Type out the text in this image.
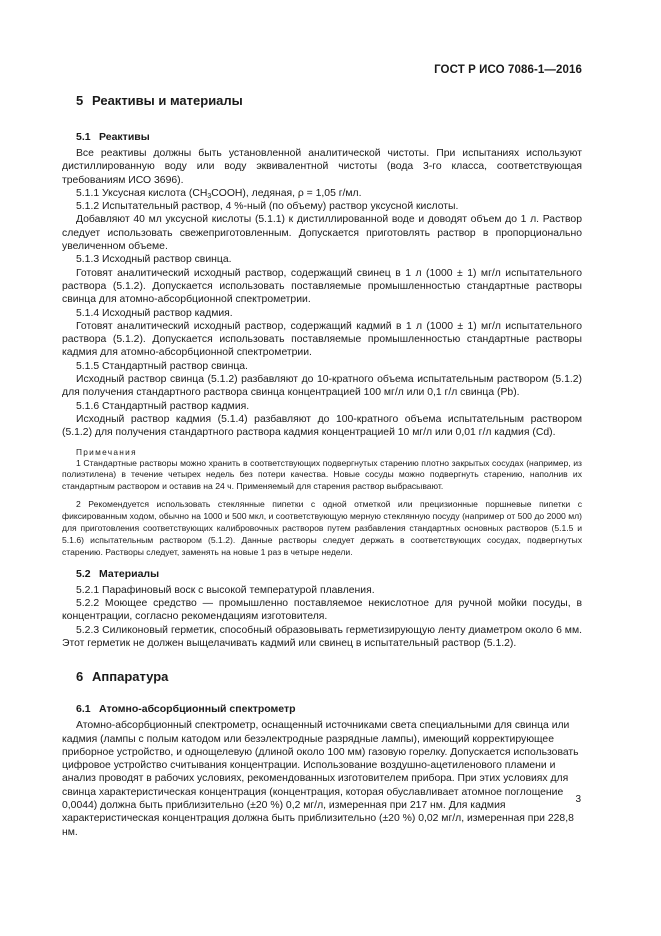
ГОСТ Р ИСО 7086-1—2016
5 Реактивы и материалы
5.1 Реактивы

Все реактивы должны быть установленной аналитической чистоты. При испытаниях используют дистиллированную воду или воду эквивалентной чистоты (вода 3-го класса, соответствующая требованиям ИСО 3696).

5.1.1 Уксусная кислота $(CH_3COOH)$, ледяная, ρ = 1,05 г/мл.

5.1.2 Испытательный раствор, 4 %-ный (по объему) раствор уксусной кислоты.

Добавляют 40 мл уксусной кислоты (5.1.1) к дистиллированной воде и доводят объем до 1 л. Раствор следует использовать свежеприготовленным. Допускается приготовлять раствор в пропорционально увеличенном объеме.

5.1.3 Исходный раствор свинца.

Готовят аналитический исходный раствор, содержащий свинец в 1 л (1000 ± 1) мг/л испытательного раствора (5.1.2). Допускается использовать поставляемые промышленностью стандартные растворы свинца для атомно-абсорбционной спектрометрии.

5.1.4 Исходный раствор кадмия.

Готовят аналитический исходный раствор, содержащий кадмий в 1 л (1000 ± 1) мг/л испытательного раствора (5.1.2). Допускается использовать поставляемые промышленностью стандартные растворы кадмия для атомно-абсорбционной спектрометрии.

5.1.5 Стандартный раствор свинца.

Исходный раствор свинца (5.1.2) разбавляют до 10-кратного объема испытательным раствором (5.1.2) для получения стандартного раствора свинца концентрацией 100 мг/л или 0,1 г/л свинца (Pb).

5.1.6 Стандартный раствор кадмия.

Исходный раствор кадмия (5.1.4) разбавляют до 100-кратного объема испытательным раствором (5.1.2) для получения стандартного раствора кадмия концентрацией 10 мг/л или 0,01 г/л кадмия (Cd).

Примечания

1 Стандартные растворы можно хранить в соответствующих подвергнутых старению плотно закрытых сосудах (например, из полиэтилена) в течение четырех недель без потери качества. Новые сосуды можно подвергнуть старению, наполнив их стандартным раствором и оставив на 24 ч. Применяемый для старения раствор выбрасывают.

2 Рекомендуется использовать стеклянные пипетки с одной отметкой или прецизионные поршневые пипетки с фиксированным ходом, обычно на 1000 и 500 мкл, и соответствующую мерную стеклянную посуду (например от 500 до 2000 мл) для приготовления соответствующих калибровочных растворов путем разбавления стандартных основных растворов (5.1.5 и 5.1.6) испытательным раствором (5.1.2). Данные растворы следует держать в соответствующих сосудах, подвергнутых старению. Растворы следует, заменять на новые 1 раз в четыре недели.

5.2 Материалы

5.2.1 Парафиновый воск с высокой температурой плавления.

5.2.2 Моющее средство — промышленно поставляемое некислотное для ручной мойки посуды, в концентрации, согласно рекомендациям изготовителя.

5.2.3 Силиконовый герметик, способный образовывать герметизирующую ленту диаметром около 6 мм. Этот герметик не должен выщелачивать кадмий или свинец в испытательный раствор (5.1.2).

6 Аппаратура
6.1 Атомно-абсорбционный спектрометр

Атомно-абсорбционный спектрометр, оснащенный источниками света специальными для свинца или кадмия (лампы с полым катодом или безэлектродные разрядные лампы), имеющий корректирующее приборное устройство, и однощелевую (длиной около 100 мм) газовую горелку. Допускается использовать цифровое устройство считывания концентрации. Использование воздушно-ацетиленового пламени и анализ проводят в рабочих условиях, рекомендованных изготовителем прибора. При этих условиях для свинца характеристическая концентрация (концентрация, которая обуславливает атомное поглощение 0,0044) должна быть приблизительно (±20 %) 0,2 мг/л, измеренная при 217 нм. Для кадмия характеристическая концентрация должна быть приблизительно (±20 %) 0,02 мг/л, измеренная при 228,8 нм.

3
